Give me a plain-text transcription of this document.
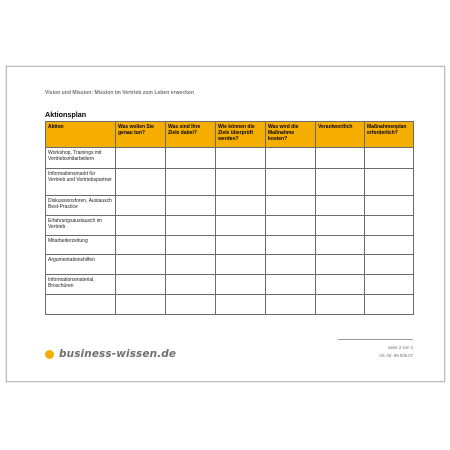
Vision und Mission: Mission im Vertrieb zum Leben erwecken
Aktionsplan
Aktion	Was wollen Sie genau tun?	Was sind Ihre Ziele dabei?	Wie können die Ziele überprüft werden?	Was wird die Maßnahme kosten?	Verantwortlich	Maßnahmenplan erforderlich?
Workshop, Trainings mit Vertriebsmitarbeitern						
Informationsmarkt für Vertrieb und Vertriebspartner						
Diskussionsforen, Austausch Best-Practice						
Erfahrungsaustausch im Vertrieb						
Mitarbeiterzeitung						
Argumentationshilfen						
Informationsmaterial, Broschüren						

business-wissen.de
Seite 2 von 2
Art.-Nr. 99.006.07
